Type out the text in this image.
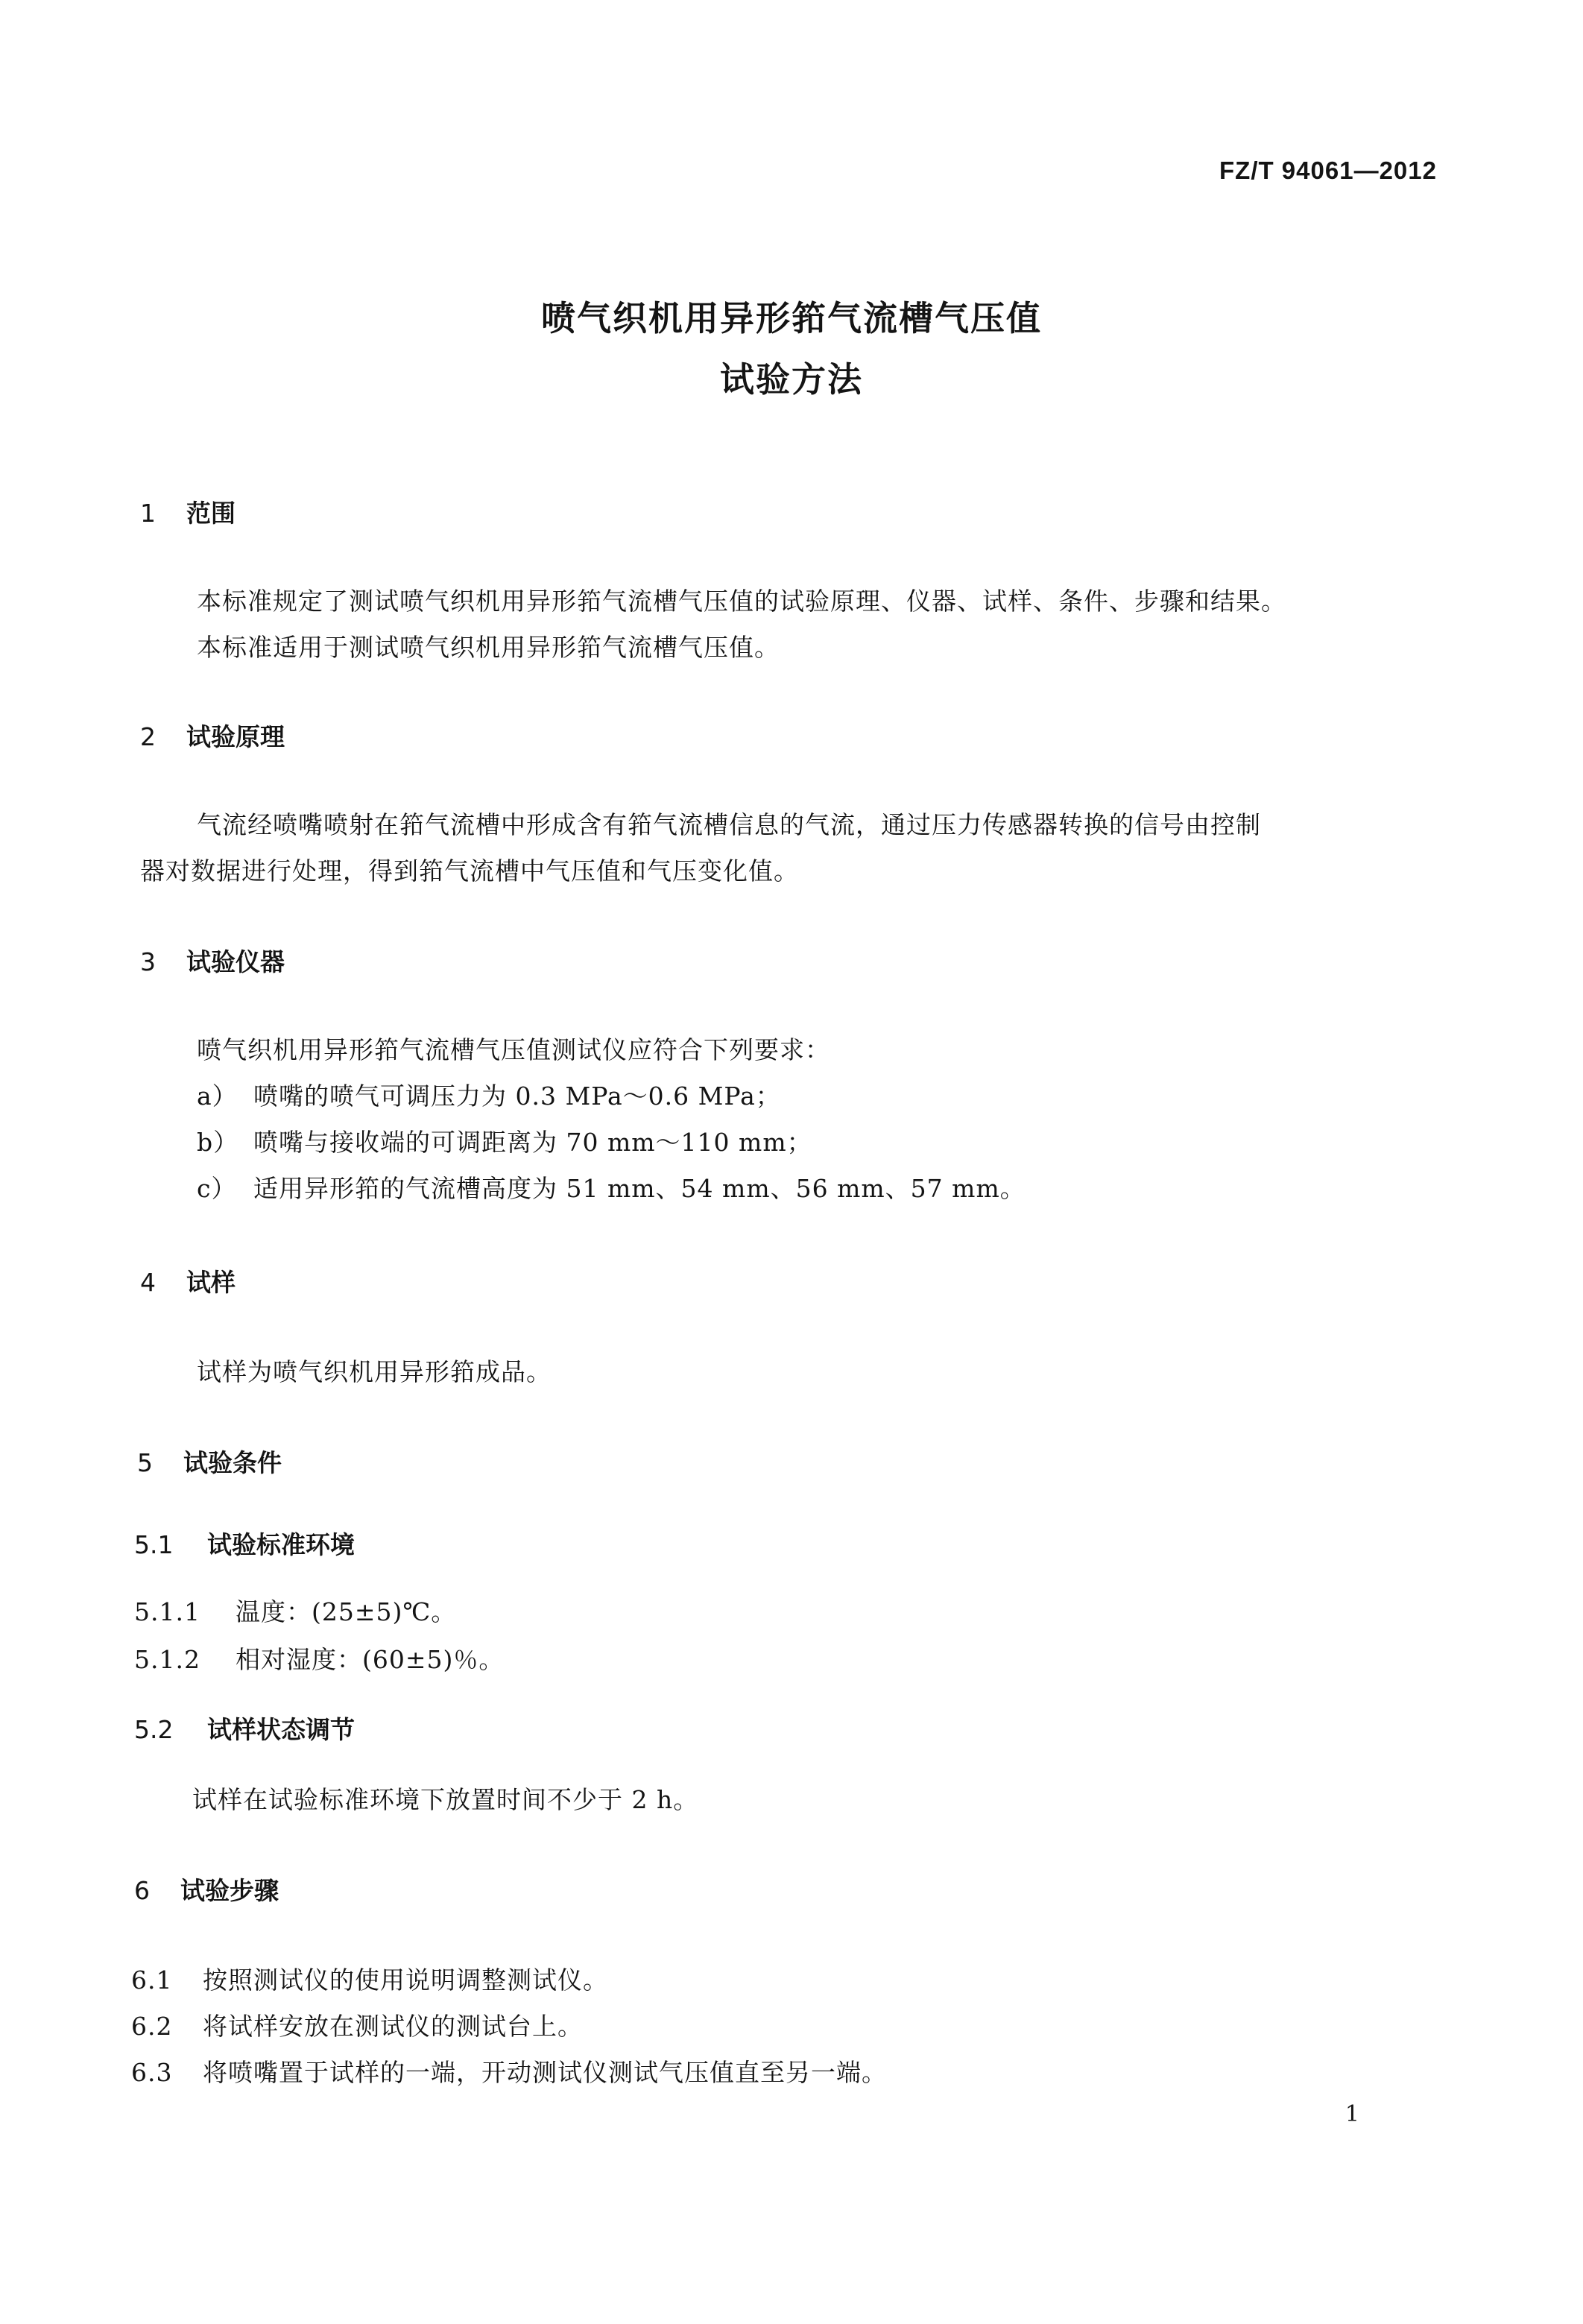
FZ/T 94061—2012
喷气织机用异形筘气流槽气压值
试验方法
1 范围
本标准规定了测试喷气织机用异形筘气流槽气压值的试验原理、仪器、试样、条件、步骤和结果。
本标准适用于测试喷气织机用异形筘气流槽气压值。
2 试验原理
气流经喷嘴喷射在筘气流槽中形成含有筘气流槽信息的气流，通过压力传感器转换的信号由控制
器对数据进行处理，得到筘气流槽中气压值和气压变化值。
3 试验仪器
喷气织机用异形筘气流槽气压值测试仪应符合下列要求：
a） 喷嘴的喷气可调压力为 0.3 MPa～0.6 MPa；
b） 喷嘴与接收端的可调距离为 70 mm～110 mm；
c） 适用异形筘的气流槽高度为 51 mm、54 mm、56 mm、57 mm。
4 试样
试样为喷气织机用异形筘成品。
5 试验条件
5.1 试验标准环境
5.1.1 温度：(25±5)℃。
5.1.2 相对湿度：(60±5)％。
5.2 试样状态调节
试样在试验标准环境下放置时间不少于 2 h。
6 试验步骤
6.1 按照测试仪的使用说明调整测试仪。
6.2 将试样安放在测试仪的测试台上。
6.3 将喷嘴置于试样的一端，开动测试仪测试气压值直至另一端。
1
